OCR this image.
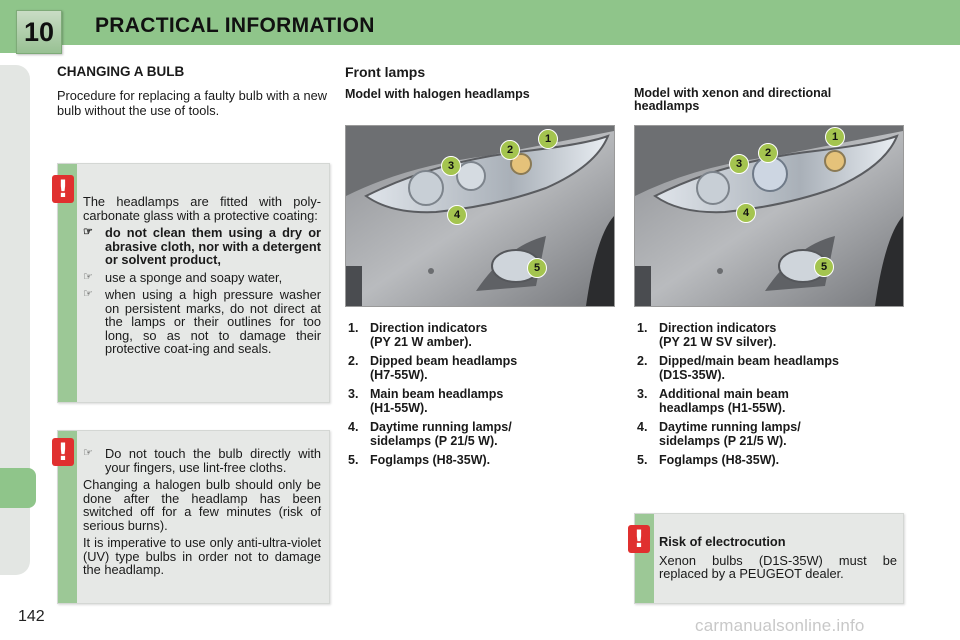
10	PRACTICAL INFORMATION
142
CHANGING A BULB
Procedure for replacing a faulty bulb with a new bulb without the use of tools.
!	The headlamps are fitted with poly-carbonate glass with a protective coating:

☞ do not clean them using a dry or abrasive cloth, nor with a detergent or solvent product,
☞ use a sponge and soapy water,
☞ when using a high pressure washer on persistent marks, do not direct at the lamps or their outlines for too long, so as not to damage their protective coat-ing and seals.
!	☞ Do not touch the bulb directly with your fingers, use lint-free cloths.

Changing a halogen bulb should only be done after the headlamp has been switched off for a few minutes (risk of serious burns).

It is imperative to use only anti-ultra-violet (UV) type bulbs in order not to damage the headlamp.

Front lamps
Model with halogen headlamps	Model with xenon and directional
headlamps
1
2
3
4
5
1
2
3
4
5
1. Direction indicators
(PY 21 W amber).
2. Dipped beam headlamps
(H7-55W).
3. Main beam headlamps
(H1-55W).
4. Daytime running lamps/
sidelamps (P 21/5 W).
5. Foglamps (H8-35W).
1. Direction indicators
(PY 21 W SV silver).
2. Dipped/main beam headlamps
(D1S-35W).
3. Additional main beam
headlamps (H1-55W).
4. Daytime running lamps/
sidelamps (P 21/5 W).
5. Foglamps (H8-35W).
!	Risk of electrocution

Xenon bulbs (D1S-35W) must be replaced by a PEUGEOT dealer.

carmanualsonline.info
